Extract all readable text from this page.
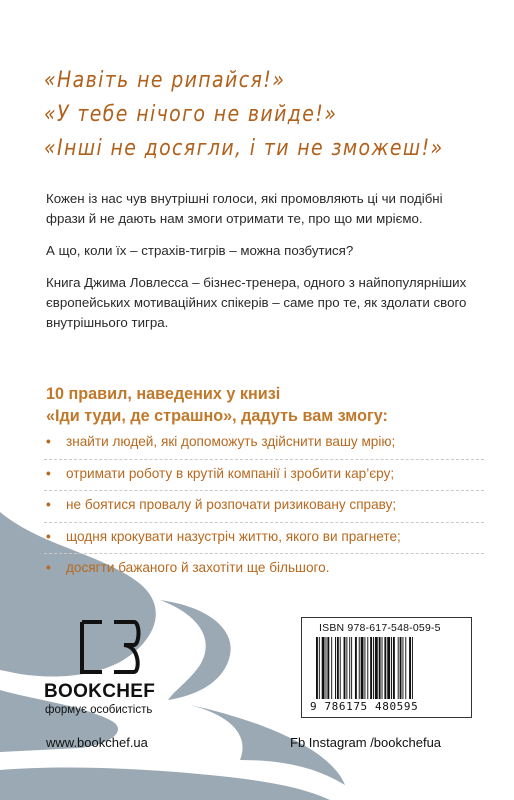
«Навіть не рипайся!»
«У тебе нічого не вийде!»
«Інші не досягли, і ти не зможеш!»

Кожен із нас чув внутрішні голоси, які промовляють ці чи подібні фрази й не дають нам змоги отримати те, про що ми мріємо.

А що, коли їх – страхів-тигрів – можна позбутися?

Книга Джима Ловлесса – бізнес-тренера, одного з найпопулярніших європейських мотиваційних спікерів – саме про те, як здолати свого внутрішнього тигра.

10 правил, наведених у книзі
«Іди туди, де страшно», дадуть вам змогу:
• знайти людей, які допоможуть здійснити вашу мрію;
• отримати роботу в крутій компанії і зробити кар’єру;
• не боятися провалу й розпочати ризиковану справу;
• щодня крокувати назустріч життю, якого ви прагнете;
• досягти бажаного й захотіти ще більшого.
BOOKCHEF
формує особистість
www.bookchef.ua	Fb Instagram /bookchefua
ISBN 978-617-548-059-5
9 786175 480595
